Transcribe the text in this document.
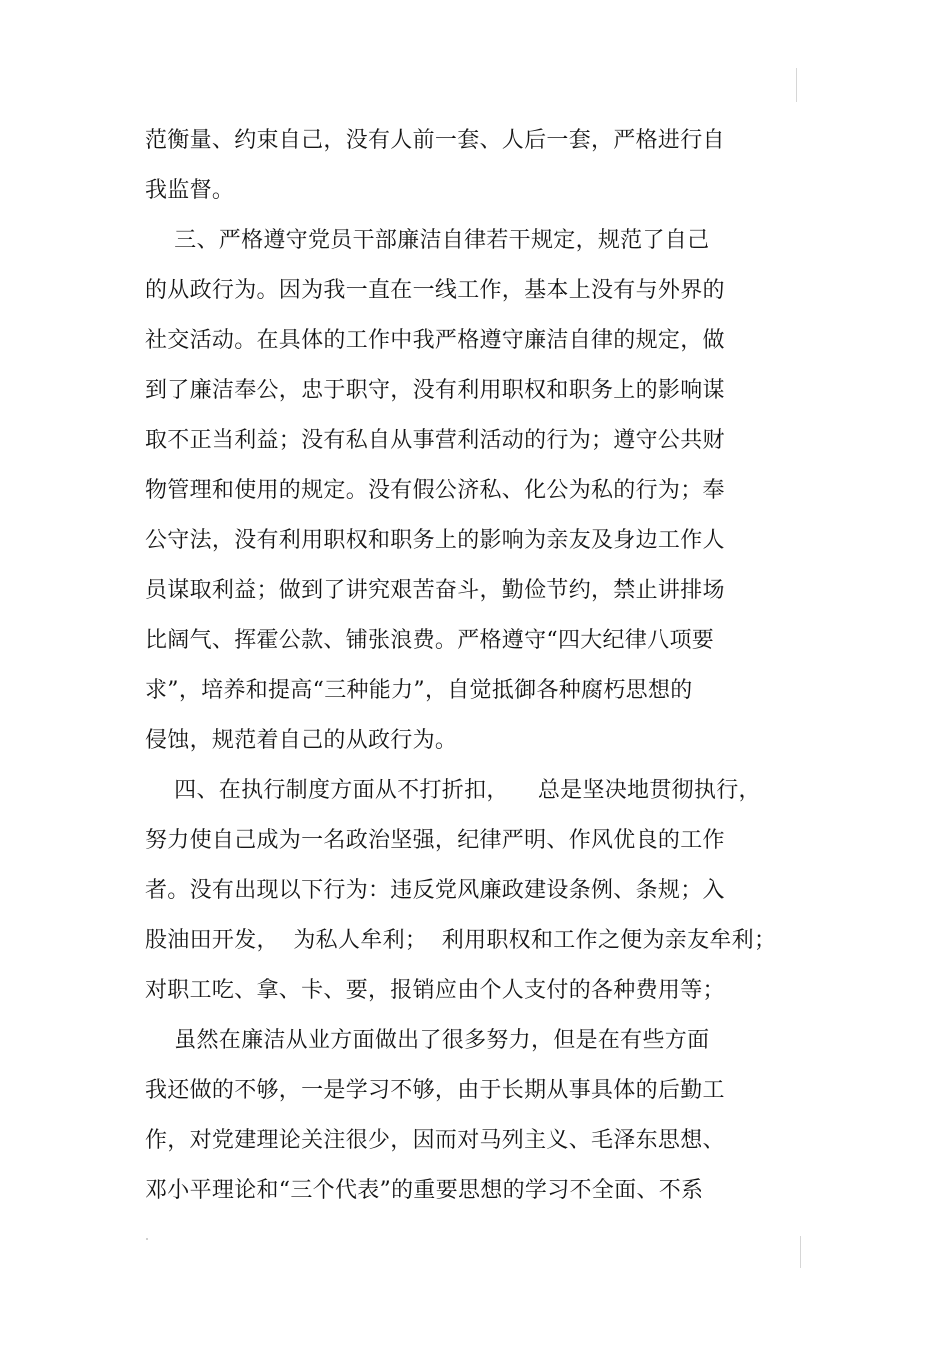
范衡量、约束自己，没有人前一套、人后一套，严格进行自
我监督。
三、严格遵守党员干部廉洁自律若干规定，规范了自己
的从政行为。因为我一直在一线工作，基本上没有与外界的
社交活动。在具体的工作中我严格遵守廉洁自律的规定，做
到了廉洁奉公，忠于职守，没有利用职权和职务上的影响谋
取不正当利益；没有私自从事营利活动的行为；遵守公共财
物管理和使用的规定。没有假公济私、化公为私的行为；奉
公守法，没有利用职权和职务上的影响为亲友及身边工作人
员谋取利益；做到了讲究艰苦奋斗，勤俭节约，禁止讲排场
比阔气、挥霍公款、铺张浪费。严格遵守“四大纪律八项要
求”，培养和提高“三种能力”，自觉抵御各种腐朽思想的
侵蚀，规范着自己的从政行为。
四、在执行制度方面从不打折扣，    总是坚决地贯彻执行，
努力使自己成为一名政治坚强，纪律严明、作风优良的工作
者。没有出现以下行为：违反党风廉政建设条例、条规；入
股油田开发，  为私人牟利；  利用职权和工作之便为亲友牟利；
对职工吃、拿、卡、要，报销应由个人支付的各种费用等；
虽然在廉洁从业方面做出了很多努力，但是在有些方面
我还做的不够，一是学习不够，由于长期从事具体的后勤工
作，对党建理论关注很少，因而对马列主义、毛泽东思想、
邓小平理论和“三个代表”的重要思想的学习不全面、不系
